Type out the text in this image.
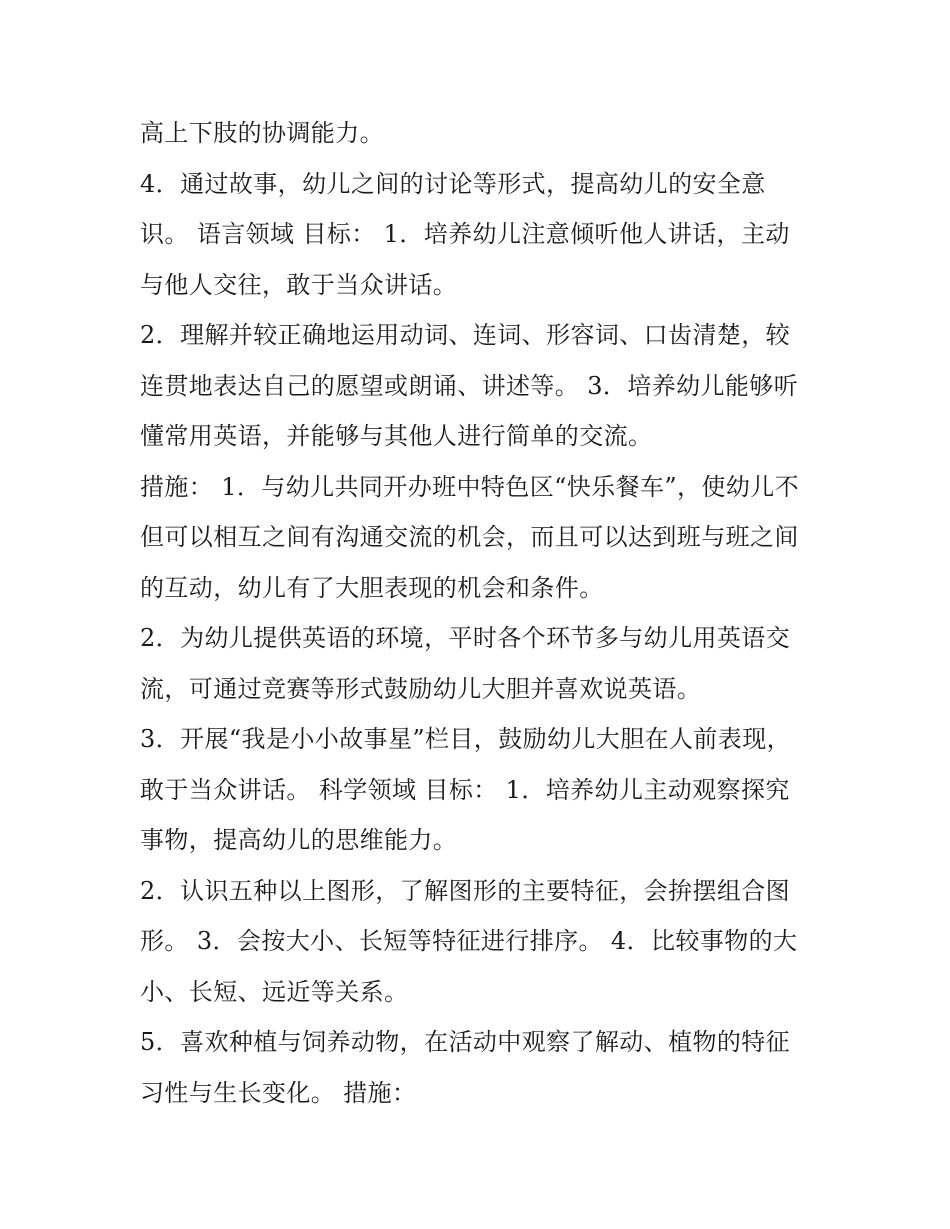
高上下肢的协调能力。
4．通过故事，幼儿之间的讨论等形式，提高幼儿的安全意
识。 语言领域 目标： 1．培养幼儿注意倾听他人讲话，主动
与他人交往，敢于当众讲话。
2．理解并较正确地运用动词、连词、形容词、口齿清楚，较
连贯地表达自己的愿望或朗诵、讲述等。 3．培养幼儿能够听
懂常用英语，并能够与其他人进行简单的交流。
措施： 1．与幼儿共同开办班中特色区“快乐餐车”，使幼儿不
但可以相互之间有沟通交流的机会，而且可以达到班与班之间
的互动，幼儿有了大胆表现的机会和条件。
2．为幼儿提供英语的环境，平时各个环节多与幼儿用英语交
流，可通过竞赛等形式鼓励幼儿大胆并喜欢说英语。
3．开展“我是小小故事星”栏目，鼓励幼儿大胆在人前表现，
敢于当众讲话。 科学领域 目标： 1．培养幼儿主动观察探究
事物，提高幼儿的思维能力。
2．认识五种以上图形，了解图形的主要特征，会拚摆组合图
形。 3．会按大小、长短等特征进行排序。 4．比较事物的大
小、长短、远近等关系。
5．喜欢种植与饲养动物，在活动中观察了解动、植物的特征
习性与生长变化。 措施：
